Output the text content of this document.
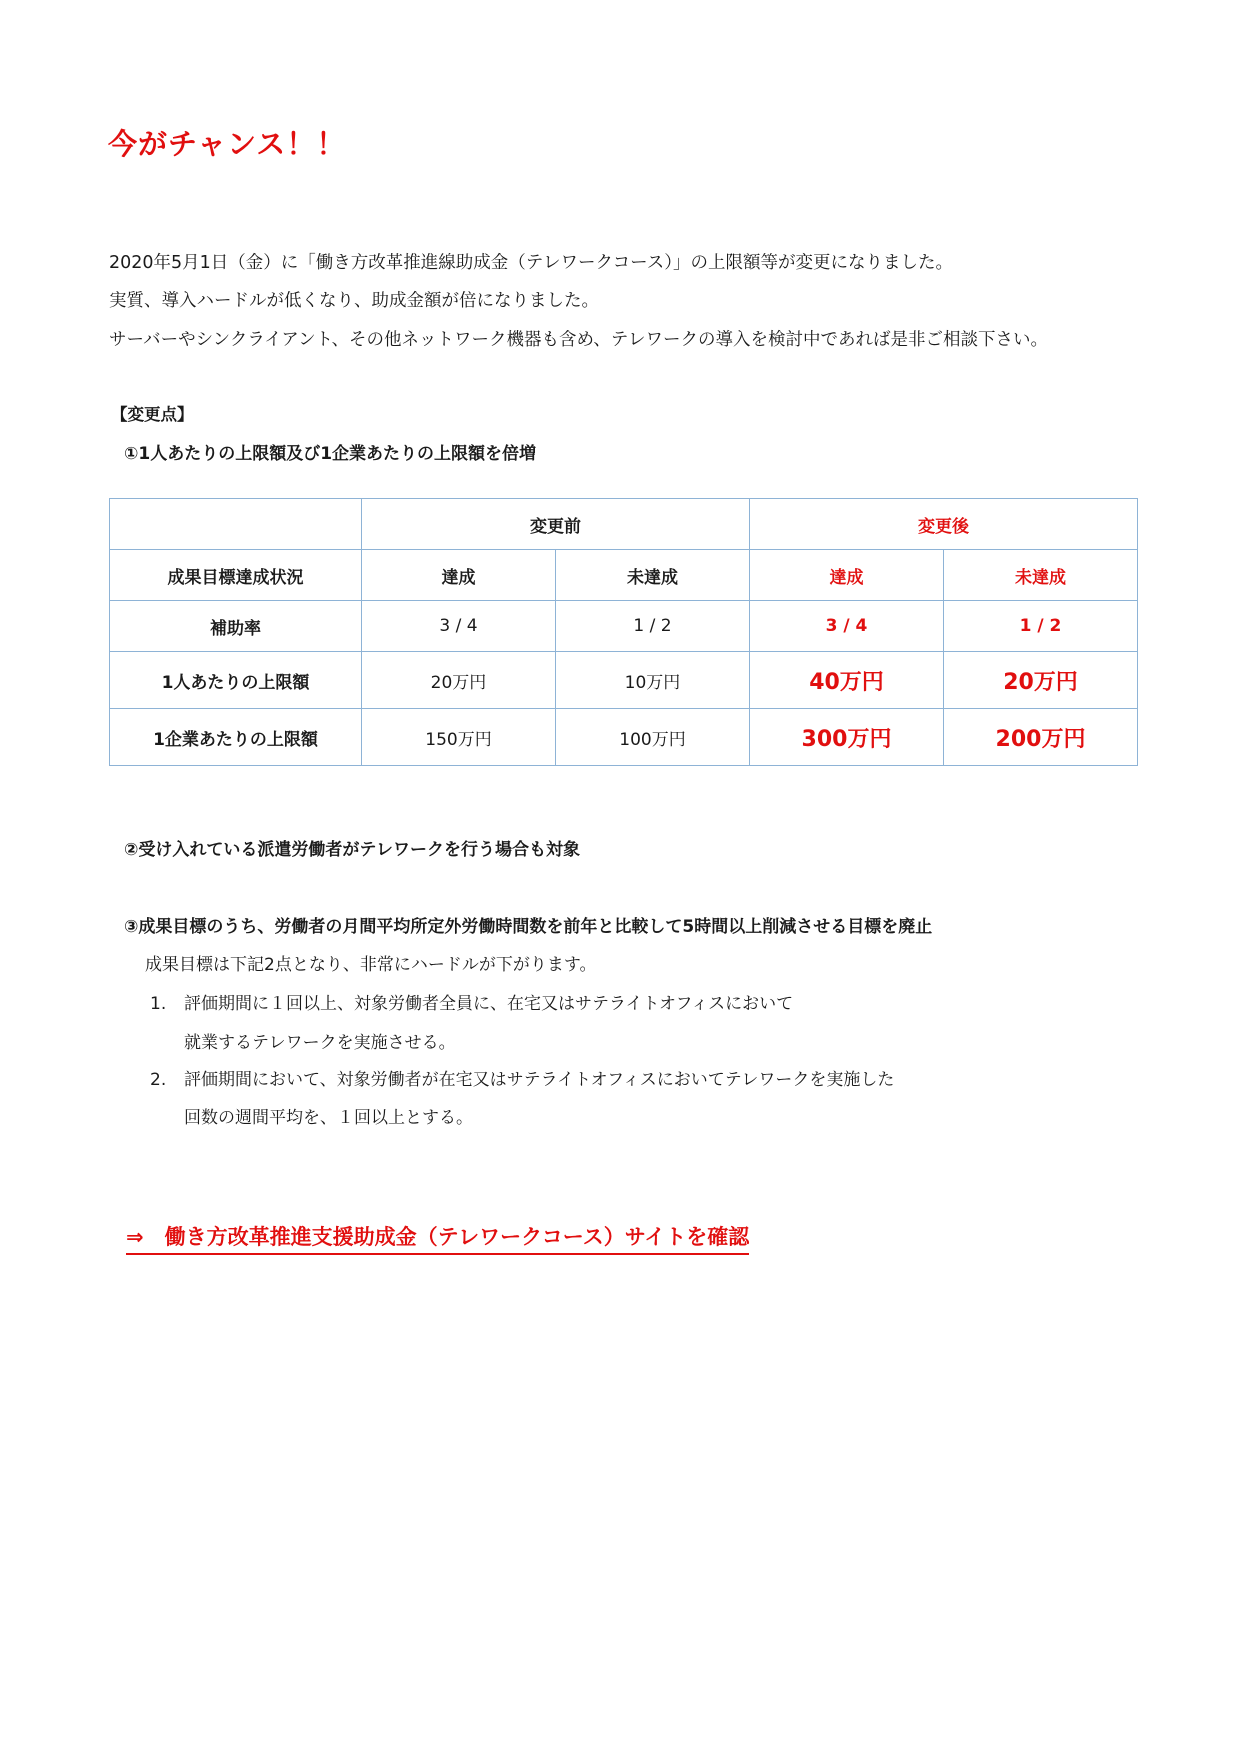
今がチャンス！！
2020年5月1日（金）に「働き方改革推進線助成金（テレワークコース）」の上限額等が変更になりました。
実質、導入ハードルが低くなり、助成金額が倍になりました。
サーバーやシンクライアント、その他ネットワーク機器も含め、テレワークの導入を検討中であれば是非ご相談下さい。
【変更点】
①1人あたりの上限額及び1企業あたりの上限額を倍増
	変更前		変更後	
成果目標達成状況	達成	未達成	達成	未達成
補助率	3 / 4	1 / 2	3 / 4	1 / 2
1人あたりの上限額	20万円	10万円	40万円	20万円
1企業あたりの上限額	150万円	100万円	300万円	200万円
②受け入れている派遣労働者がテレワークを行う場合も対象
③成果目標のうち、労働者の月間平均所定外労働時間数を前年と比較して5時間以上削減させる目標を廃止
成果目標は下記2点となり、非常にハードルが下がります。
1. 評価期間に１回以上、対象労働者全員に、在宅又はサテライトオフィスにおいて
就業するテレワークを実施させる。
2. 評価期間において、対象労働者が在宅又はサテライトオフィスにおいてテレワークを実施した
回数の週間平均を、１回以上とする。
⇒　働き方改革推進支援助成金（テレワークコース）サイトを確認
